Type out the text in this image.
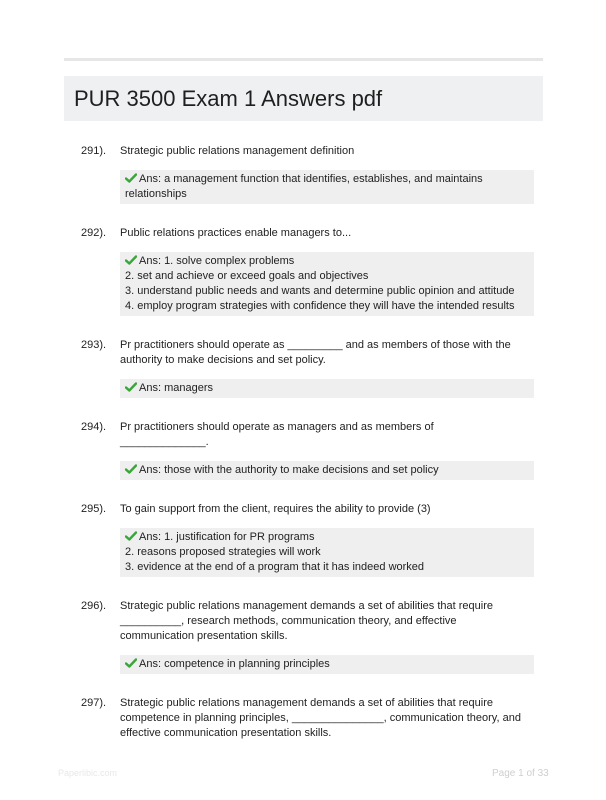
PUR 3500 Exam 1 Answers pdf
291). Strategic public relations management definition
Ans: a management function that identifies, establishes, and maintains relationships
292). Public relations practices enable managers to...
Ans: 1. solve complex problems
2. set and achieve or exceed goals and objectives
3. understand public needs and wants and determine public opinion and attitude
4. employ program strategies with confidence they will have the intended results
293). Pr practitioners should operate as _________ and as members of those with the authority to make decisions and set policy.
Ans: managers
294). Pr practitioners should operate as managers and as members of ______________.
Ans: those with the authority to make decisions and set policy
295). To gain support from the client, requires the ability to provide (3)
Ans: 1. justification for PR programs
2. reasons proposed strategies will work
3. evidence at the end of a program that it has indeed worked
296). Strategic public relations management demands a set of abilities that require __________, research methods, communication theory, and effective communication presentation skills.
Ans: competence in planning principles
297). Strategic public relations management demands a set of abilities that require competence in planning principles, _______________, communication theory, and effective communication presentation skills.
Paperlibic.com	Page 1 of 33
